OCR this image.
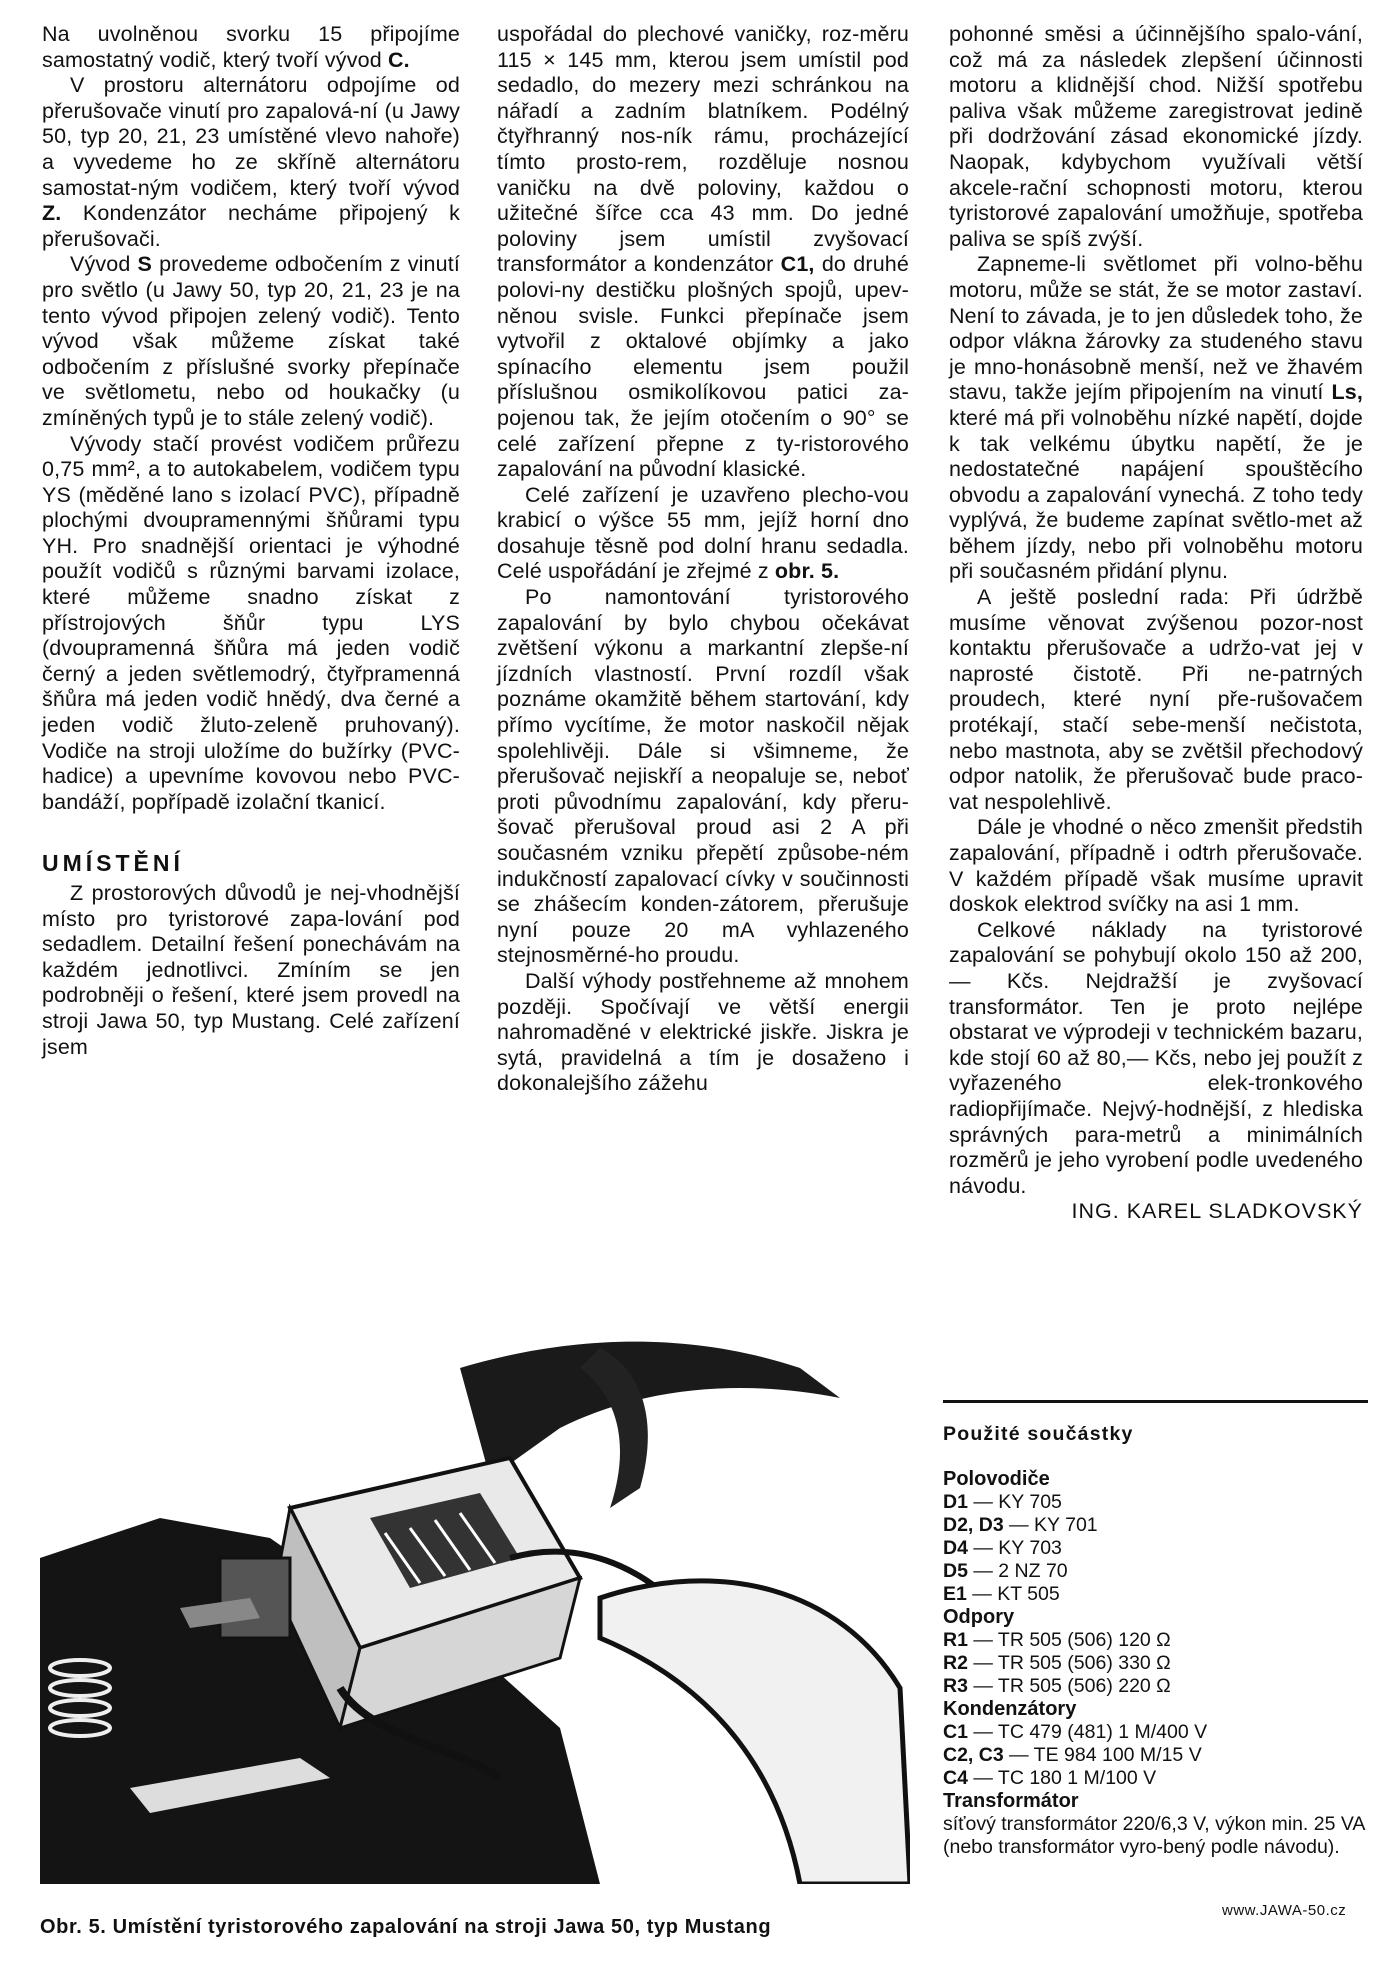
Na uvolněnou svorku 15 připojíme samostatný vodič, který tvoří vývod C.

V prostoru alternátoru odpojíme od přerušovače vinutí pro zapalová-ní (u Jawy 50, typ 20, 21, 23 umístěné vlevo nahoře) a vyvedeme ho ze skříně alternátoru samostat-ným vodičem, který tvoří vývod Z. Kondenzátor necháme připojený k přerušovači.

Vývod S provedeme odbočením z vinutí pro světlo (u Jawy 50, typ 20, 21, 23 je na tento vývod připojen zelený vodič). Tento vývod však můžeme získat také odbočením z příslušné svorky přepínače ve světlometu, nebo od houkačky (u zmíněných typů je to stále zelený vodič).

Vývody stačí provést vodičem průřezu 0,75 mm², a to autokabelem, vodičem typu YS (měděné lano s izolací PVC), případně plochými dvoupramennými šňůrami typu YH. Pro snadnější orientaci je výhodné použít vodičů s různými barvami izolace, které můžeme snadno získat z přístrojových šňůr typu LYS (dvoupramenná šňůra má jeden vodič černý a jeden světlemodrý, čtyřpramenná šňůra má jeden vodič hnědý, dva černé a jeden vodič žluto-zeleně pruhovaný). Vodiče na stroji uložíme do bužírky (PVC-hadice) a upevníme kovovou nebo PVC-bandáží, popřípadě izolační tkanicí.

UMÍSTĚNÍ

Z prostorových důvodů je nej-vhodnější místo pro tyristorové zapa-lování pod sedadlem. Detailní řešení ponechávám na každém jednotlivci. Zmíním se jen podrobněji o řešení, které jsem provedl na stroji Jawa 50, typ Mustang. Celé zařízení jsem

uspořádal do plechové vaničky, roz-měru 115 × 145 mm, kterou jsem umístil pod sedadlo, do mezery mezi schránkou na nářadí a zadním blatníkem. Podélný čtyřhranný nos-ník rámu, procházející tímto prosto-rem, rozděluje nosnou vaničku na dvě poloviny, každou o užitečné šířce cca 43 mm. Do jedné poloviny jsem umístil zvyšovací transformátor a kondenzátor C1, do druhé polovi-ny destičku plošných spojů, upev-něnou svisle. Funkci přepínače jsem vytvořil z oktalové objímky a jako spínacího elementu jsem použil příslušnou osmikolíkovou patici za-pojenou tak, že jejím otočením o 90° se celé zařízení přepne z ty-ristorového zapalování na původní klasické.

Celé zařízení je uzavřeno plecho-vou krabicí o výšce 55 mm, jejíž horní dno dosahuje těsně pod dolní hranu sedadla. Celé uspořádání je zřejmé z obr. 5.

Po namontování tyristorového zapalování by bylo chybou očekávat zvětšení výkonu a markantní zlepše-ní jízdních vlastností. První rozdíl však poznáme okamžitě během startování, kdy přímo vycítíme, že motor naskočil nějak spolehlivěji. Dále si všimneme, že přerušovač nejiskří a neopaluje se, neboť proti původnímu zapalování, kdy přeru-šovač přerušoval proud asi 2 A při současném vzniku přepětí způsobe-ném indukčností zapalovací cívky v součinnosti se zhášecím konden-zátorem, přerušuje nyní pouze 20 mA vyhlazeného stejnosměrné-ho proudu.

Další výhody postřehneme až mnohem později. Spočívají ve větší energii nahromaděné v elektrické jiskře. Jiskra je sytá, pravidelná a tím je dosaženo i dokonalejšího zážehu

pohonné směsi a účinnějšího spalo-vání, což má za následek zlepšení účinnosti motoru a klidnější chod. Nižší spotřebu paliva však můžeme zaregistrovat jedině při dodržování zásad ekonomické jízdy. Naopak, kdybychom využívali větší akcele-rační schopnosti motoru, kterou tyristorové zapalování umožňuje, spotřeba paliva se spíš zvýší.

Zapneme-li světlomet při volno-běhu motoru, může se stát, že se motor zastaví. Není to závada, je to jen důsledek toho, že odpor vlákna žárovky za studeného stavu je mno-honásobně menší, než ve žhavém stavu, takže jejím připojením na vinutí Ls, které má při volnoběhu nízké napětí, dojde k tak velkému úbytku napětí, že je nedostatečné napájení spouštěcího obvodu a zapalování vynechá. Z toho tedy vyplývá, že budeme zapínat světlo-met až během jízdy, nebo při volnoběhu motoru při současném přidání plynu.

A ještě poslední rada: Při údržbě musíme věnovat zvýšenou pozor-nost kontaktu přerušovače a udržo-vat jej v naprosté čistotě. Při ne-patrných proudech, které nyní pře-rušovačem protékají, stačí sebe-menší nečistota, nebo mastnota, aby se zvětšil přechodový odpor natolik, že přerušovač bude praco-vat nespolehlivě.

Dále je vhodné o něco zmenšit předstih zapalování, případně i odtrh přerušovače. V každém případě však musíme upravit doskok elektrod svíčky na asi 1 mm.

Celkové náklady na tyristorové zapalování se pohybují okolo 150 až 200,— Kčs. Nejdražší je zvyšovací transformátor. Ten je proto nejlépe obstarat ve výprodeji v technickém bazaru, kde stojí 60 až 80,— Kčs, nebo jej použít z vyřazeného elek-tronkového radiopřijímače. Nejvý-hodnější, z hlediska správných para-metrů a minimálních rozměrů je jeho vyrobení podle uvedeného návodu.

ING. KAREL SLADKOVSKÝ

Obr. 5. Umístění tyristorového zapalování na stroji Jawa 50, typ Mustang
Použité součástky
Polovodiče
D1 — KY 705
D2, D3 — KY 701
D4 — KY 703
D5 — 2 NZ 70
E1 — KT 505
Odpory
R1 — TR 505 (506) 120 Ω
R2 — TR 505 (506) 330 Ω
R3 — TR 505 (506) 220 Ω
Kondenzátory
C1 — TC 479 (481) 1 M/400 V
C2, C3 — TE 984 100 M/15 V
C4 — TC 180 1 M/100 V
Transformátor
síťový transformátor 220/6,3 V, výkon min. 25 VA (nebo transformátor vyro-bený podle návodu).
www.JAWA-50.cz
